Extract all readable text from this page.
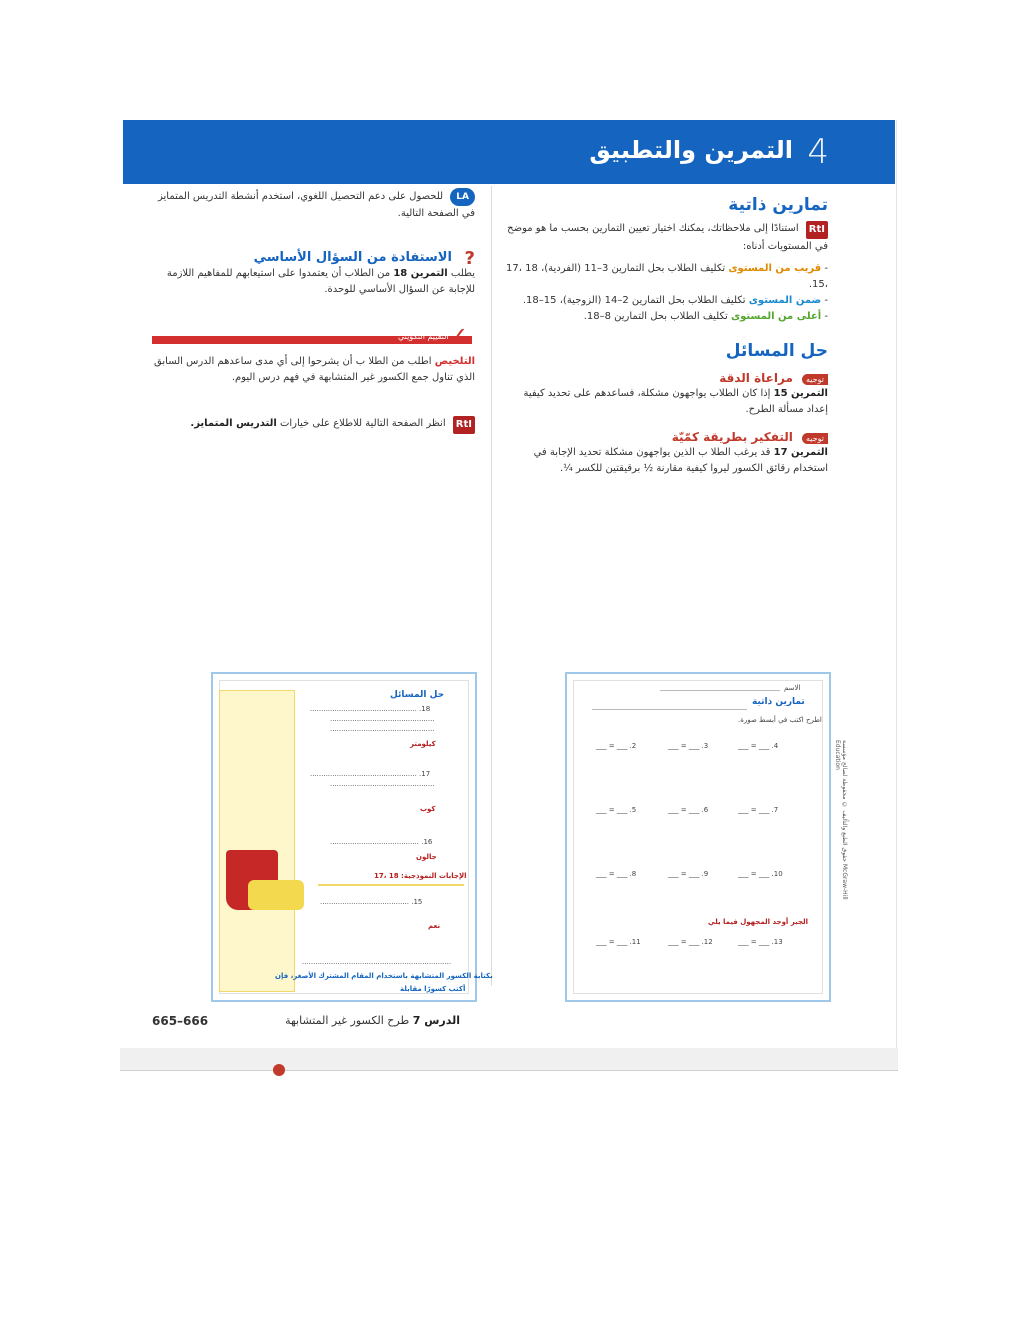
4
التمرين والتطبيق
تمارين ذاتية
RtI استنادًا إلى ملاحظاتك، يمكنك اختيار تعيين التمارين بحسب ما هو موضح في المستويات أدناه:
- قريب من المستوى تكليف الطلاب بحل التمارين 3–11 (الفردية)، 18 ،17 ،15.
- ضمن المستوى تكليف الطلاب بحل التمارين 2–14 (الزوجية)، 15–18.
- أعلى من المستوى تكليف الطلاب بحل التمارين 8–18.
حل المسائل
توجيه مراعاة الدقة
التمرين 15 إذا كان الطلاب يواجهون مشكلة، فساعدهم على تحديد كيفية إعداد مسألة الطرح.
توجيه التفكير بطريقة كمّيّة
التمرين 17 قد يرغب الطلا ب الذين يواجهون مشكلة تحديد الإجابة في استخدام رقائق الكسور ليروا كيفية مقارنة ½ برقيقتين للكسر ¼.
LA للحصول على دعم التحصيل اللغوي، استخدم أنشطة التدريس المتمايز في الصفحة التالية.
? الاستفادة من السؤال الأساسي
يطلب التمرين 18 من الطلاب أن يعتمدوا على استيعابهم للمفاهيم اللازمة للإجابة عن السؤال الأساسي للوحدة.
التقييم التكويني ✓
التلخيص اطلب من الطلا ب أن يشرحوا إلى أي مدى ساعدهم الدرس السابق الذي تناول جمع الكسور غير المتشابهة في فهم درس اليوم.
RtI انظر الصفحة التالية للاطلاع على خيارات التدريس المتمايز.
حل المسائل
18. ................................................
...............................................
...............................................
كيلومتر
17. ................................................
...............................................
كوب
16. ........................................
جالون
الإجابات النموذجية: 18 ،17
15. ........................................
نعم
...................................................................
بكتابة الكسور المتشابهة باستخدام المقام المشترك الأصغر، فإن
أكتب كسورًا مقابلة
الاسم
تمارين ذاتية
اطرح اكتب في أبسط صورة.
4. ___ = ___
3. ___ = ___
2. ___ = ___
7. ___ = ___
6. ___ = ___
5. ___ = ___
10. ___ = ___
9. ___ = ___
8. ___ = ___
الجبر أوجد المجهول فيما يلي
13. ___ = ___
12. ___ = ___
11. ___ = ___
حقوق الطبع والتأليف © محفوظة لصالح مؤسسة McGraw-Hill Education
الدرس 7 طرح الكسور غير المتشابهة
665–666
